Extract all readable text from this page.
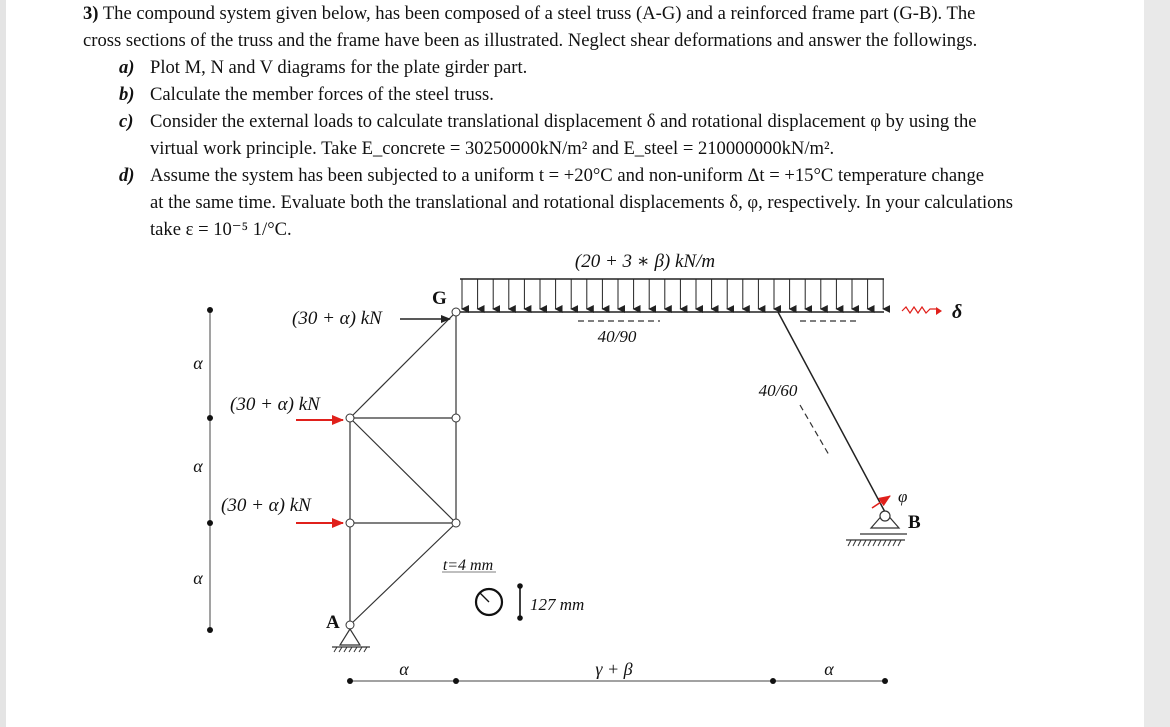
3) The compound system given below, has been composed of a steel truss (A-G) and a reinforced frame part (G-B). The
cross sections of the truss and the frame have been as illustrated. Neglect shear deformations and answer the followings.
a) Plot M, N and V diagrams for the plate girder part.
b) Calculate the member forces of the steel truss.
c) Consider the external loads to calculate translational displacement δ and rotational displacement φ by using the
virtual work principle. Take E_concrete = 30250000kN/m² and E_steel = 210000000kN/m².
d) Assume the system has been subjected to a uniform t = +20°C and non-uniform Δt = +15°C temperature change
at the same time. Evaluate both the translational and rotational displacements δ, φ, respectively. In your calculations
take ε = 10⁻⁵ 1/°C.
(20 + 3 ∗ β) kN/m
40/90
40/60
G
A
φ
B
δ
(30 + α) kN
(30 + α) kN
(30 + α) kN
α
α
α
α	γ + β	α
t=4 mm
127 mm
